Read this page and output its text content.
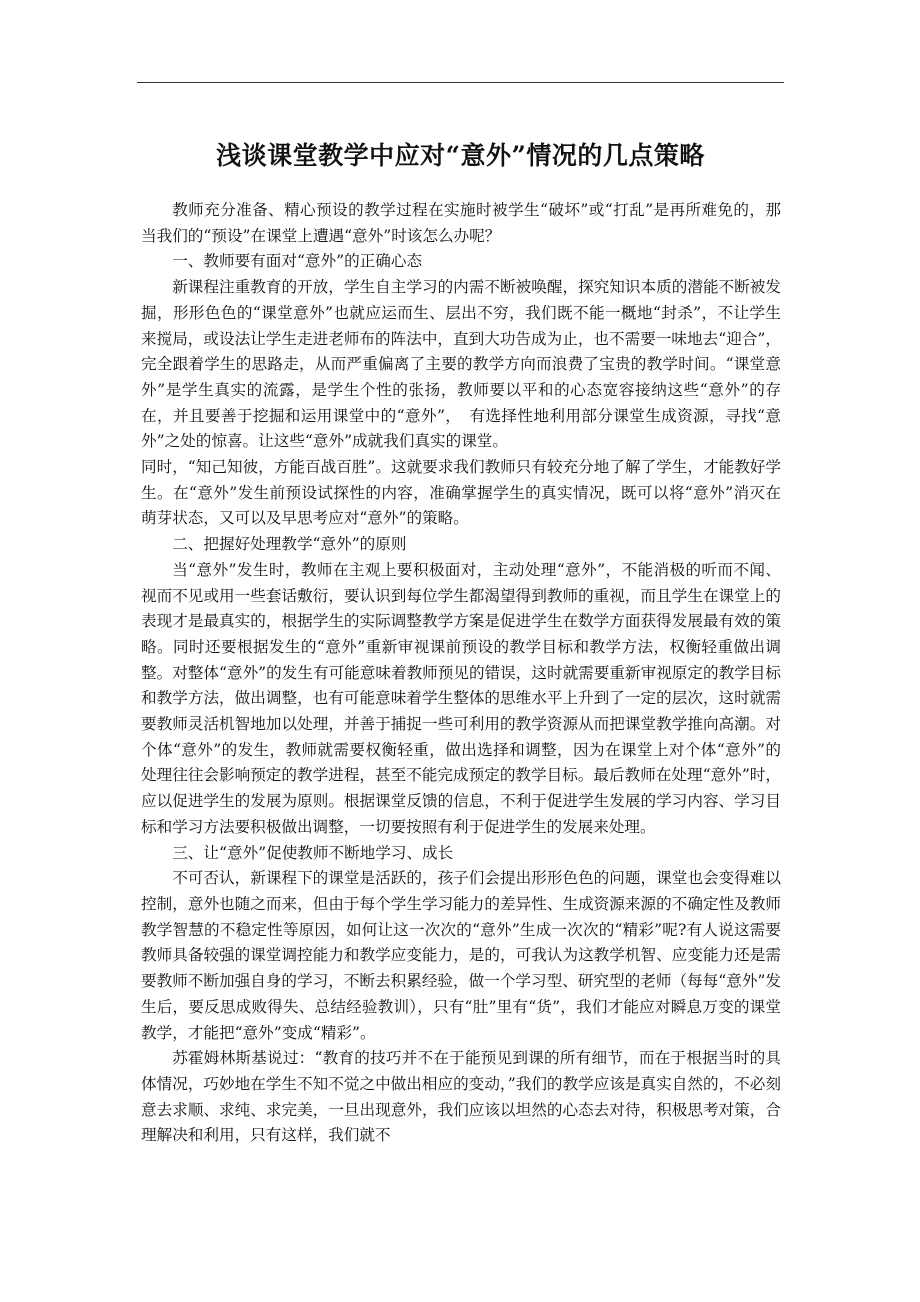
浅谈课堂教学中应对“意外”情况的几点策略

教师充分准备、精心预设的教学过程在实施时被学生“破坏”或“打乱”是再所难免的，那当我们的“预设”在课堂上遭遇“意外”时该怎么办呢？

一、教师要有面对“意外”的正确心态

新课程注重教育的开放，学生自主学习的内需不断被唤醒，探究知识本质的潜能不断被发掘，形形色色的“课堂意外”也就应运而生、层出不穷，我们既不能一概地“封杀”，不让学生来搅局，或设法让学生走进老师布的阵法中，直到大功告成为止，也不需要一味地去“迎合”，完全跟着学生的思路走，从而严重偏离了主要的教学方向而浪费了宝贵的教学时间。“课堂意外”是学生真实的流露，是学生个性的张扬，教师要以平和的心态宽容接纳这些“意外”的存在，并且要善于挖掘和运用课堂中的“意外”，　有选择性地利用部分课堂生成资源，寻找“意外”之处的惊喜。让这些“意外”成就我们真实的课堂。

同时，“知己知彼，方能百战百胜”。这就要求我们教师只有较充分地了解了学生，才能教好学生。在“意外”发生前预设试探性的内容，准确掌握学生的真实情况，既可以将“意外”消灭在萌芽状态，又可以及早思考应对“意外”的策略。

二、把握好处理教学“意外”的原则

当“意外”发生时，教师在主观上要积极面对，主动处理“意外”，不能消极的听而不闻、视而不见或用一些套话敷衍，要认识到每位学生都渴望得到教师的重视，而且学生在课堂上的表现才是最真实的，根据学生的实际调整教学方案是促进学生在数学方面获得发展最有效的策略。同时还要根据发生的“意外”重新审视课前预设的教学目标和教学方法，权衡轻重做出调整。对整体“意外”的发生有可能意味着教师预见的错误，这时就需要重新审视原定的教学目标和教学方法，做出调整，也有可能意味着学生整体的思维水平上升到了一定的层次，这时就需要教师灵活机智地加以处理，并善于捕捉一些可利用的教学资源从而把课堂教学推向高潮。对个体“意外”的发生，教师就需要权衡轻重，做出选择和调整，因为在课堂上对个体“意外”的处理往往会影响预定的教学进程，甚至不能完成预定的教学目标。最后教师在处理“意外”时，应以促进学生的发展为原则。根据课堂反馈的信息，不利于促进学生发展的学习内容、学习目标和学习方法要积极做出调整，一切要按照有利于促进学生的发展来处理。

三、让“意外”促使教师不断地学习、成长

不可否认，新课程下的课堂是活跃的，孩子们会提出形形色色的问题，课堂也会变得难以控制，意外也随之而来，但由于每个学生学习能力的差异性、生成资源来源的不确定性及教师教学智慧的不稳定性等原因，如何让这一次次的“意外”生成一次次的“精彩”呢?有人说这需要教师具备较强的课堂调控能力和教学应变能力，是的，可我认为这教学机智、应变能力还是需要教师不断加强自身的学习，不断去积累经验，做一个学习型、研究型的老师（每每“意外”发生后，要反思成败得失、总结经验教训），只有“肚”里有“货”，我们才能应对瞬息万变的课堂教学，才能把“意外”变成“精彩”。

苏霍姆林斯基说过：“教育的技巧并不在于能预见到课的所有细节，而在于根据当时的具体情况，巧妙地在学生不知不觉之中做出相应的变动，”我们的教学应该是真实自然的，不必刻意去求顺、求纯、求完美，一旦出现意外，我们应该以坦然的心态去对待，积极思考对策，合理解决和利用，只有这样，我们就不
